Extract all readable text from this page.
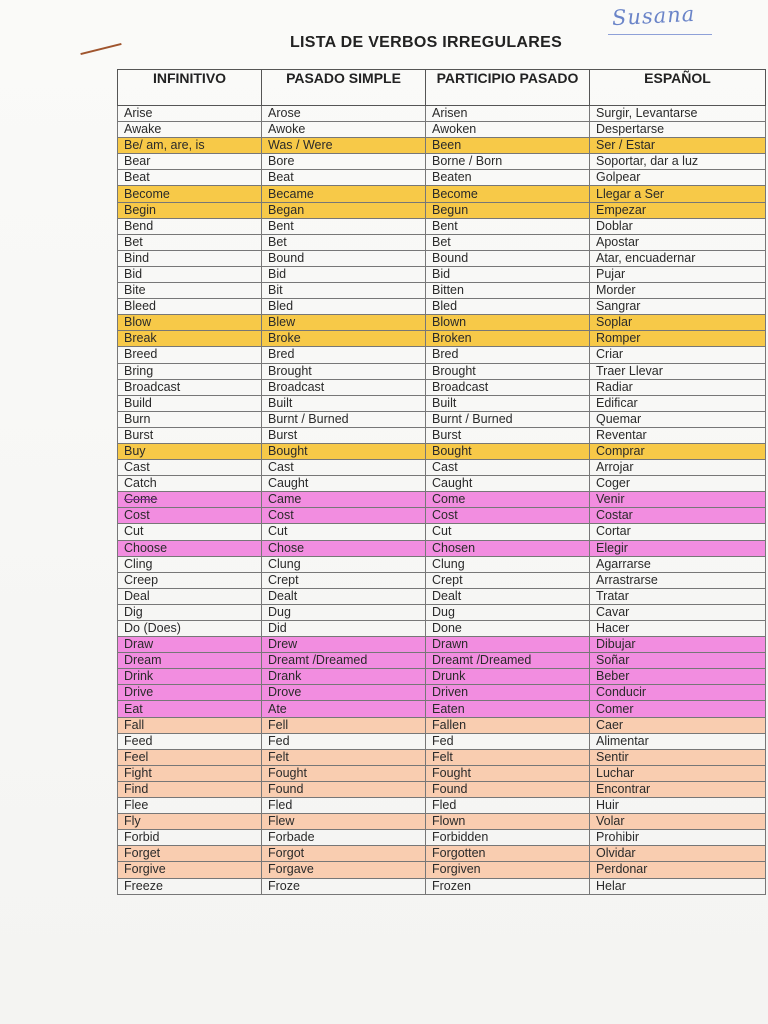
Susana
LISTA DE VERBOS IRREGULARES
INFINITIVO	PASADO SIMPLE	PARTICIPIO PASADO	ESPAÑOL
Arise	Arose	Arisen	Surgir, Levantarse
Awake	Awoke	Awoken	Despertarse
Be/ am, are, is	Was / Were	Been	Ser / Estar
Bear	Bore	Borne / Born	Soportar, dar a luz
Beat	Beat	Beaten	Golpear
Become	Became	Become	Llegar a Ser
Begin	Began	Begun	Empezar
Bend	Bent	Bent	Doblar
Bet	Bet	Bet	Apostar
Bind	Bound	Bound	Atar, encuadernar
Bid	Bid	Bid	Pujar
Bite	Bit	Bitten	Morder
Bleed	Bled	Bled	Sangrar
Blow	Blew	Blown	Soplar
Break	Broke	Broken	Romper
Breed	Bred	Bred	Criar
Bring	Brought	Brought	Traer Llevar
Broadcast	Broadcast	Broadcast	Radiar
Build	Built	Built	Edificar
Burn	Burnt / Burned	Burnt / Burned	Quemar
Burst	Burst	Burst	Reventar
Buy	Bought	Bought	Comprar
Cast	Cast	Cast	Arrojar
Catch	Caught	Caught	Coger
Come	Came	Come	Venir
Cost	Cost	Cost	Costar
Cut	Cut	Cut	Cortar
Choose	Chose	Chosen	Elegir
Cling	Clung	Clung	Agarrarse
Creep	Crept	Crept	Arrastrarse
Deal	Dealt	Dealt	Tratar
Dig	Dug	Dug	Cavar
Do (Does)	Did	Done	Hacer
Draw	Drew	Drawn	Dibujar
Dream	Dreamt /Dreamed	Dreamt /Dreamed	Soñar
Drink	Drank	Drunk	Beber
Drive	Drove	Driven	Conducir
Eat	Ate	Eaten	Comer
Fall	Fell	Fallen	Caer
Feed	Fed	Fed	Alimentar
Feel	Felt	Felt	Sentir
Fight	Fought	Fought	Luchar
Find	Found	Found	Encontrar
Flee	Fled	Fled	Huir
Fly	Flew	Flown	Volar
Forbid	Forbade	Forbidden	Prohibir
Forget	Forgot	Forgotten	Olvidar
Forgive	Forgave	Forgiven	Perdonar
Freeze	Froze	Frozen	Helar
